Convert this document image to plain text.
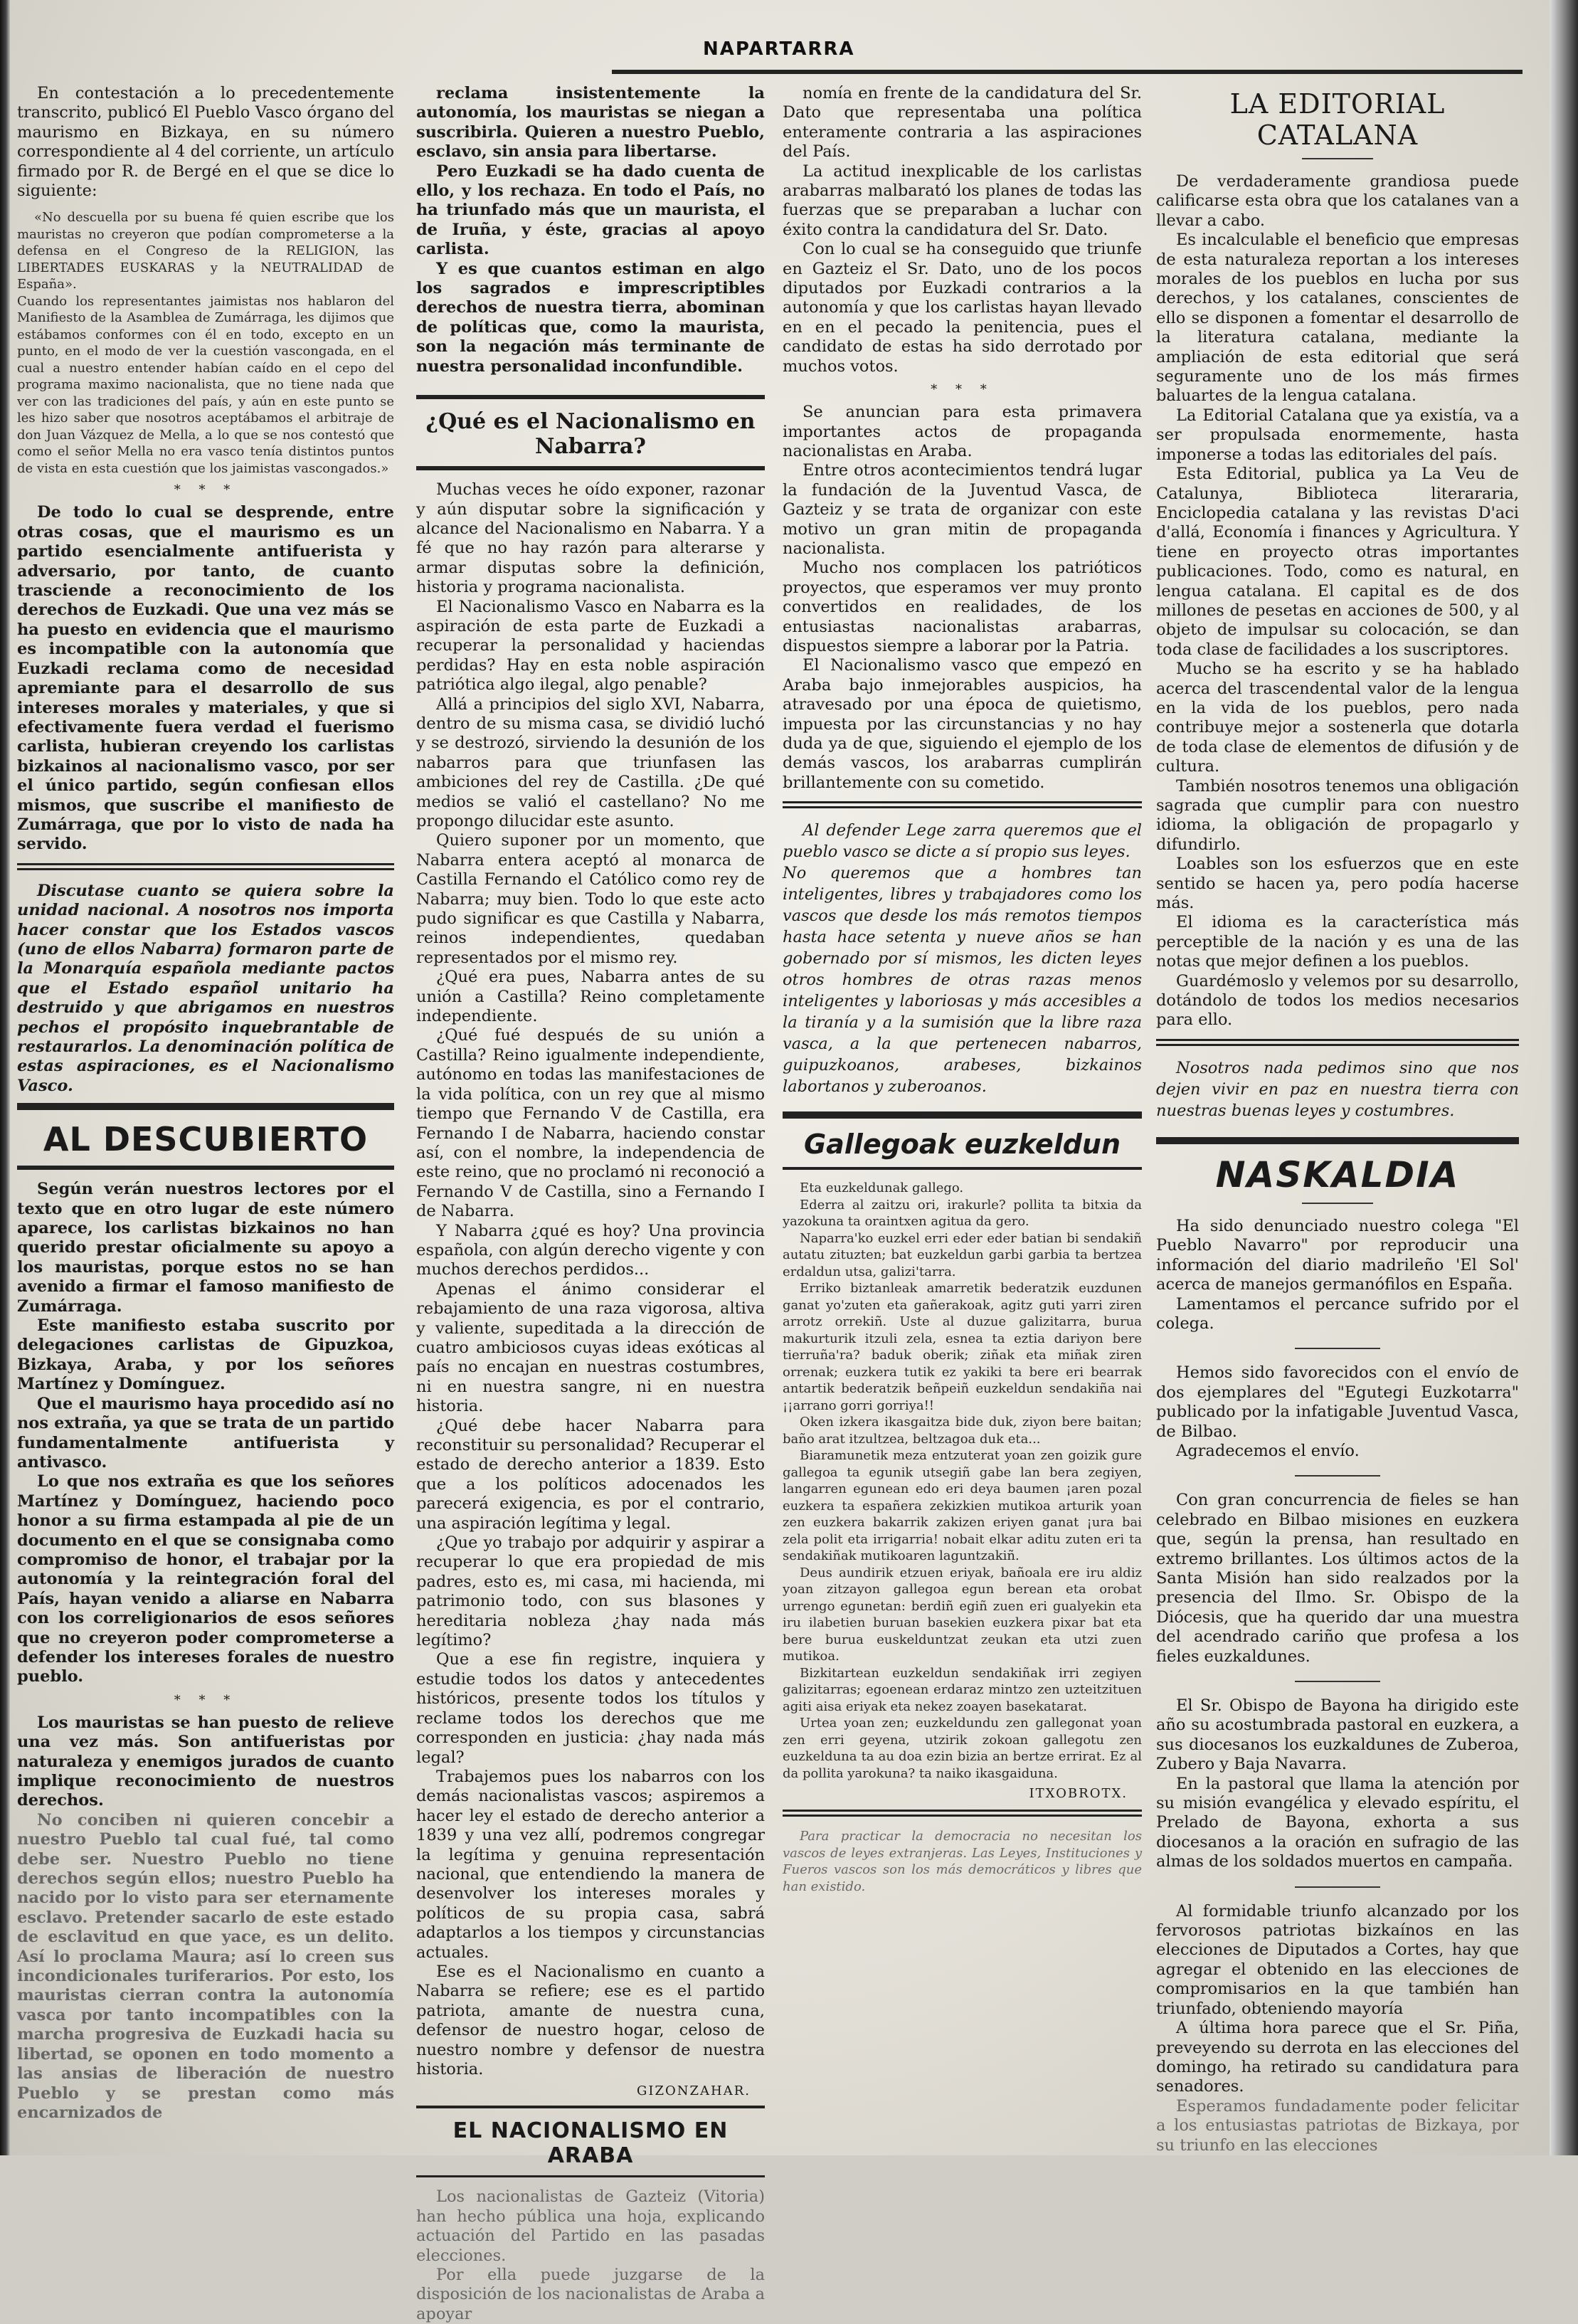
NAPARTARRA

En contestación a lo precedentemente transcrito, publicó El Pueblo Vasco órgano del maurismo en Bizkaya, en su número correspondiente al 4 del corriente, un artículo firmado por R. de Bergé en el que se dice lo siguiente:

«No descuella por su buena fé quien escribe que los mauristas no creyeron que podían comprometerse a la defensa en el Congreso de la RELIGION, las LIBERTADES EUSKARAS y la NEUTRALIDAD de España».
Cuando los representantes jaimistas nos hablaron del Manifiesto de la Asamblea de Zumárraga, les dijimos que estábamos conformes con él en todo, excepto en un punto, en el modo de ver la cuestión vascongada, en el cual a nuestro entender habían caído en el cepo del programa maximo nacionalista, que no tiene nada que ver con las tradiciones del país, y aún en este punto se les hizo saber que nosotros aceptábamos el arbitraje de don Juan Vázquez de Mella, a lo que se nos contestó que como el señor Mella no era vasco tenía distintos puntos de vista en esta cuestión que los jaimistas vascongados.»
* * *

De todo lo cual se desprende, entre otras cosas, que el maurismo es un partido esencialmente antifuerista y adversario, por tanto, de cuanto trasciende a reconocimiento de los derechos de Euzkadi. Que una vez más se ha puesto en evidencia que el maurismo es incompatible con la autonomía que Euzkadi reclama como de necesidad apremiante para el desarrollo de sus intereses morales y materiales, y que si efectivamente fuera verdad el fuerismo carlista, hubieran creyendo los carlistas bizkainos al nacionalismo vasco, por ser el único partido, según confiesan ellos mismos, que suscribe el manifiesto de Zumárraga, que por lo visto de nada ha servido.

Discutase cuanto se quiera sobre la unidad nacional. A nosotros nos importa hacer constar que los Estados vascos (uno de ellos Nabarra) formaron parte de la Monarquía española mediante pactos que el Estado español unitario ha destruido y que abrigamos en nuestros pechos el propósito inquebrantable de restaurarlos. La denominación política de estas aspiraciones, es el Nacionalismo Vasco.

AL DESCUBIERTO

Según verán nuestros lectores por el texto que en otro lugar de este número aparece, los carlistas bizkainos no han querido prestar oficialmente su apoyo a los mauristas, porque estos no se han avenido a firmar el famoso manifiesto de Zumárraga.

Este manifiesto estaba suscrito por delegaciones carlistas de Gipuzkoa, Bizkaya, Araba, y por los señores Martínez y Domínguez.

Que el maurismo haya procedido así no nos extraña, ya que se trata de un partido fundamentalmente antifuerista y antivasco.

Lo que nos extraña es que los señores Martínez y Domínguez, haciendo poco honor a su firma estampada al pie de un documento en el que se consignaba como compromiso de honor, el trabajar por la autonomía y la reintegración foral del País, hayan venido a aliarse en Nabarra con los correligionarios de esos señores que no creyeron poder comprometerse a defender los intereses forales de nuestro pueblo.

* * *

Los mauristas se han puesto de relieve una vez más. Son antifueristas por naturaleza y enemigos jurados de cuanto implique reconocimiento de nuestros derechos.

No conciben ni quieren concebir a nuestro Pueblo tal cual fué, tal como debe ser. Nuestro Pueblo no tiene derechos según ellos; nuestro Pueblo ha nacido por lo visto para ser eternamente esclavo. Pretender sacarlo de este estado de esclavitud en que yace, es un delito. Así lo proclama Maura; así lo creen sus incondicionales turiferarios. Por esto, los mauristas cierran contra la autonomía vasca por tanto incompatibles con la marcha progresiva de Euzkadi hacia su libertad, se oponen en todo momento a las ansias de liberación de nuestro Pueblo y se prestan como más encarnizados de

reclama insistentemente la autonomía, los mauristas se niegan a suscribirla. Quieren a nuestro Pueblo, esclavo, sin ansia para libertarse.

Pero Euzkadi se ha dado cuenta de ello, y los rechaza. En todo el País, no ha triunfado más que un maurista, el de Iruña, y éste, gracias al apoyo carlista.

Y es que cuantos estiman en algo los sagrados e imprescriptibles derechos de nuestra tierra, abominan de políticas que, como la maurista, son la negación más terminante de nuestra personalidad inconfundible.

¿Qué es el Nacionalismo en Nabarra?

Muchas veces he oído exponer, razonar y aún disputar sobre la significación y alcance del Nacionalismo en Nabarra. Y a fé que no hay razón para alterarse y armar disputas sobre la definición, historia y programa nacionalista.

El Nacionalismo Vasco en Nabarra es la aspiración de esta parte de Euzkadi a recuperar la personalidad y haciendas perdidas? Hay en esta noble aspiración patriótica algo ilegal, algo penable?

Allá a principios del siglo XVI, Nabarra, dentro de su misma casa, se dividió luchó y se destrozó, sirviendo la desunión de los nabarros para que triunfasen las ambiciones del rey de Castilla. ¿De qué medios se valió el castellano? No me propongo dilucidar este asunto.

Quiero suponer por un momento, que Nabarra entera aceptó al monarca de Castilla Fernando el Católico como rey de Nabarra; muy bien. Todo lo que este acto pudo significar es que Castilla y Nabarra, reinos independientes, quedaban representados por el mismo rey.

¿Qué era pues, Nabarra antes de su unión a Castilla? Reino completamente independiente.

¿Qué fué después de su unión a Castilla? Reino igualmente independiente, autónomo en todas las manifestaciones de la vida política, con un rey que al mismo tiempo que Fernando V de Castilla, era Fernando I de Nabarra, haciendo constar así, con el nombre, la independencia de este reino, que no proclamó ni reconoció a Fernando V de Castilla, sino a Fernando I de Nabarra.

Y Nabarra ¿qué es hoy? Una provincia española, con algún derecho vigente y con muchos derechos perdidos...

Apenas el ánimo considerar el rebajamiento de una raza vigorosa, altiva y valiente, supeditada a la dirección de cuatro ambiciosos cuyas ideas exóticas al país no encajan en nuestras costumbres, ni en nuestra sangre, ni en nuestra historia.

¿Qué debe hacer Nabarra para reconstituir su personalidad? Recuperar el estado de derecho anterior a 1839. Esto que a los políticos adocenados les parecerá exigencia, es por el contrario, una aspiración legítima y legal.

¿Que yo trabajo por adquirir y aspirar a recuperar lo que era propiedad de mis padres, esto es, mi casa, mi hacienda, mi patrimonio todo, con sus blasones y hereditaria nobleza ¿hay nada más legítimo?

Que a ese fin registre, inquiera y estudie todos los datos y antecedentes históricos, presente todos los títulos y reclame todos los derechos que me corresponden en justicia: ¿hay nada más legal?

Trabajemos pues los nabarros con los demás nacionalistas vascos; aspiremos a hacer ley el estado de derecho anterior a 1839 y una vez allí, podremos congregar la legítima y genuina representación nacional, que entendiendo la manera de desenvolver los intereses morales y políticos de su propia casa, sabrá adaptarlos a los tiempos y circunstancias actuales.

Ese es el Nacionalismo en cuanto a Nabarra se refiere; ese es el partido patriota, amante de nuestra cuna, defensor de nuestro hogar, celoso de nuestro nombre y defensor de nuestra historia.

GIZONZAHAR.
EL NACIONALISMO EN ARABA

Los nacionalistas de Gazteiz (Vitoria) han hecho pública una hoja, explicando actuación del Partido en las pasadas elecciones.

Por ella puede juzgarse de la disposición de los nacionalistas de Araba a apoyar

nomía en frente de la candidatura del Sr. Dato que representaba una política enteramente contraria a las aspiraciones del País.

La actitud inexplicable de los carlistas arabarras malbarató los planes de todas las fuerzas que se preparaban a luchar con éxito contra la candidatura del Sr. Dato.

Con lo cual se ha conseguido que triunfe en Gazteiz el Sr. Dato, uno de los pocos diputados por Euzkadi contrarios a la autonomía y que los carlistas hayan llevado en en el pecado la penitencia, pues el candidato de estas ha sido derrotado por muchos votos.

* * *

Se anuncian para esta primavera importantes actos de propaganda nacionalistas en Araba.

Entre otros acontecimientos tendrá lugar la fundación de la Juventud Vasca, de Gazteiz y se trata de organizar con este motivo un gran mitin de propaganda nacionalista.

Mucho nos complacen los patrióticos proyectos, que esperamos ver muy pronto convertidos en realidades, de los entusiastas nacionalistas arabarras, dispuestos siempre a laborar por la Patria.

El Nacionalismo vasco que empezó en Araba bajo inmejorables auspicios, ha atravesado por una época de quietismo, impuesta por las circunstancias y no hay duda ya de que, siguiendo el ejemplo de los demás vascos, los arabarras cumplirán brillantemente con su cometido.

Al defender Lege zarra queremos que el pueblo vasco se dicte a sí propio sus leyes.
No queremos que a hombres tan inteligentes, libres y trabajadores como los vascos que desde los más remotos tiempos hasta hace setenta y nueve años se han gobernado por sí mismos, les dicten leyes otros hombres de otras razas menos inteligentes y laboriosas y más accesibles a la tiranía y a la sumisión que la libre raza vasca, a la que pertenecen nabarros, guipuzkoanos, arabeses, bizkainos labortanos y zuberoanos.

Gallegoak euzkeldun

Eta euzkeldunak gallego.

Ederra al zaitzu ori, irakurle? pollita ta bitxia da yazokuna ta oraintxen agitua da gero.

Naparra'ko euzkel erri eder eder batian bi sendakiñ autatu zituzten; bat euzkeldun garbi garbia ta bertzea erdaldun utsa, galizi'tarra.

Erriko biztanleak amarretik bederatzik euzdunen ganat yo'zuten eta gañerakoak, agitz guti yarri ziren arrotz orrekiñ. Uste al duzue galizitarra, burua makurturik itzuli zela, esnea ta eztia dariyon bere tierruña'ra? baduk oberik; ziñak eta miñak ziren orrenak; euzkera tutik ez yakiki ta bere eri bearrak antartik bederatzik beñpeiñ euzkeldun sendakiña nai ¡¡arrano gorri gorriya!!

Oken izkera ikasgaitza bide duk, ziyon bere baitan; baño arat itzultzea, beltzagoa duk eta...

Biaramunetik meza entzuterat yoan zen goizik gure gallegoa ta egunik utsegiñ gabe lan bera zegiyen, langarren egunean edo eri deya baumen ¡aren pozal euzkera ta españera zekizkien mutikoa arturik yoan zen euzkera bakarrik zakizen eriyen ganat ¡ura bai zela polit eta irrigarria! nobait elkar aditu zuten eri ta sendakiñak mutikoaren laguntzakiñ.

Deus aundirik etzuen eriyak, bañoala ere iru aldiz yoan zitzayon gallegoa egun berean eta orobat urrengo egunetan: berdiñ egiñ zuen eri gualyekin eta iru ilabetien buruan basekien euzkera pixar bat eta bere burua euskelduntzat zeukan eta utzi zuen mutikoa.

Bizkitartean euzkeldun sendakiñak irri zegiyen galizitarras; egoenean erdaraz mintzo zen uzteitzituen agiti aisa eriyak eta nekez zoayen basekatarat.

Urtea yoan zen; euzkeldundu zen gallegonat yoan zen erri geyena, utzirik zokoan gallegotu zen euzkelduna ta au doa ezin bizia an bertze errirat. Ez al da pollita yarokuna? ta naiko ikasgaiduna.

ITXOBROTX.

Para practicar la democracia no necesitan los vascos de leyes extranjeras. Las Leyes, Instituciones y Fueros vascos son los más democráticos y libres que han existido.

LA EDITORIAL CATALANA

De verdaderamente grandiosa puede calificarse esta obra que los catalanes van a llevar a cabo.

Es incalculable el beneficio que empresas de esta naturaleza reportan a los intereses morales de los pueblos en lucha por sus derechos, y los catalanes, conscientes de ello se disponen a fomentar el desarrollo de la literatura catalana, mediante la ampliación de esta editorial que será seguramente uno de los más firmes baluartes de la lengua catalana.

La Editorial Catalana que ya existía, va a ser propulsada enormemente, hasta imponerse a todas las editoriales del país.

Esta Editorial, publica ya La Veu de Catalunya, Biblioteca literararia, Enciclopedia catalana y las revistas D'aci d'allá, Economía i finances y Agricultura. Y tiene en proyecto otras importantes publicaciones. Todo, como es natural, en lengua catalana. El capital es de dos millones de pesetas en acciones de 500, y al objeto de impulsar su colocación, se dan toda clase de facilidades a los suscriptores.

Mucho se ha escrito y se ha hablado acerca del trascendental valor de la lengua en la vida de los pueblos, pero nada contribuye mejor a sostenerla que dotarla de toda clase de elementos de difusión y de cultura.

También nosotros tenemos una obligación sagrada que cumplir para con nuestro idioma, la obligación de propagarlo y difundirlo.

Loables son los esfuerzos que en este sentido se hacen ya, pero podía hacerse más.

El idioma es la característica más perceptible de la nación y es una de las notas que mejor definen a los pueblos.

Guardémoslo y velemos por su desarrollo, dotándolo de todos los medios necesarios para ello.

Nosotros nada pedimos sino que nos dejen vivir en paz en nuestra tierra con nuestras buenas leyes y costumbres.

NASKALDIA

Ha sido denunciado nuestro colega "El Pueblo Navarro" por reproducir una información del diario madrileño 'El Sol' acerca de manejos germanófilos en España.

Lamentamos el percance sufrido por el colega.

Hemos sido favorecidos con el envío de dos ejemplares del "Egutegi Euzkotarra" publicado por la infatigable Juventud Vasca, de Bilbao.

Agradecemos el envío.

Con gran concurrencia de fieles se han celebrado en Bilbao misiones en euzkera que, según la prensa, han resultado en extremo brillantes. Los últimos actos de la Santa Misión han sido realzados por la presencia del Ilmo. Sr. Obispo de la Diócesis, que ha querido dar una muestra del acendrado cariño que profesa a los fieles euzkaldunes.

El Sr. Obispo de Bayona ha dirigido este año su acostumbrada pastoral en euzkera, a sus diocesanos los euzkaldunes de Zuberoa, Zubero y Baja Navarra.

En la pastoral que llama la atención por su misión evangélica y elevado espíritu, el Prelado de Bayona, exhorta a sus diocesanos a la oración en sufragio de las almas de los soldados muertos en campaña.

Al formidable triunfo alcanzado por los fervorosos patriotas bizkaínos en las elecciones de Diputados a Cortes, hay que agregar el obtenido en las elecciones de compromisarios en la que también han triunfado, obteniendo mayoría

A última hora parece que el Sr. Piña, preveyendo su derrota en las elecciones del domingo, ha retirado su candidatura para senadores.

Esperamos fundadamente poder felicitar a los entusiastas patriotas de Bizkaya, por su triunfo en las elecciones
